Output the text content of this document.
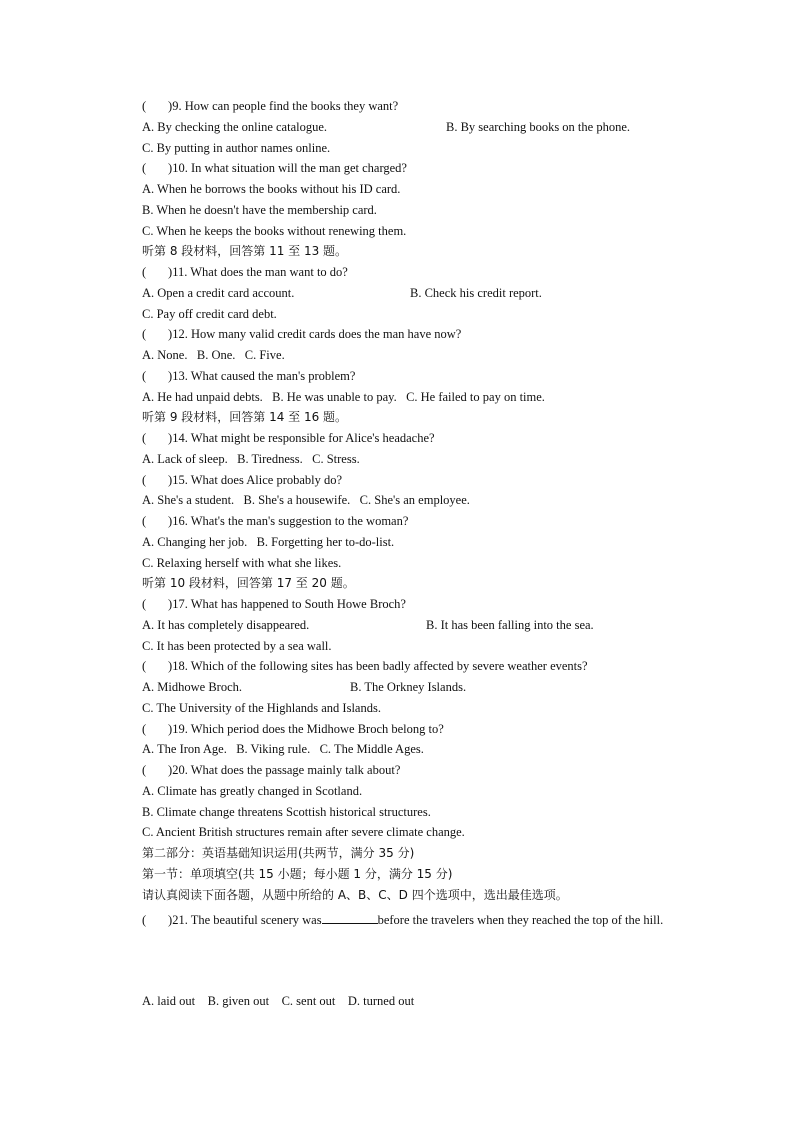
(       )9. How can people find the books they want?
A. By checking the online catalogue.	B. By searching books on the phone.
C. By putting in author names online.
(       )10. In what situation will the man get charged?
A. When he borrows the books without his ID card.
B. When he doesn't have the membership card.
C. When he keeps the books without renewing them.
听第 8 段材料，回答第 11 至 13 题。
(       )11. What does the man want to do?
A. Open a credit card account.	B. Check his credit report.
C. Pay off credit card debt.
(       )12. How many valid credit cards does the man have now?
A. None.   B. One.   C. Five.
(       )13. What caused the man's problem?
A. He had unpaid debts.   B. He was unable to pay.   C. He failed to pay on time.
听第 9 段材料，回答第 14 至 16 题。
(       )14. What might be responsible for Alice's headache?
A. Lack of sleep.   B. Tiredness.   C. Stress.
(       )15. What does Alice probably do?
A. She's a student.   B. She's a housewife.   C. She's an employee.
(       )16. What's the man's suggestion to the woman?
A. Changing her job.   B. Forgetting her to-do-list.
C. Relaxing herself with what she likes.
听第 10 段材料，回答第 17 至 20 题。
(       )17. What has happened to South Howe Broch?
A. It has completely disappeared.	B. It has been falling into the sea.
C. It has been protected by a sea wall.
(       )18. Which of the following sites has been badly affected by severe weather events?
A. Midhowe Broch.	B. The Orkney Islands.
C. The University of the Highlands and Islands.
(       )19. Which period does the Midhowe Broch belong to?
A. The Iron Age.   B. Viking rule.   C. The Middle Ages.
(       )20. What does the passage mainly talk about?
A. Climate has greatly changed in Scotland.
B. Climate change threatens Scottish historical structures.
C. Ancient British structures remain after severe climate change.
第二部分：英语基础知识运用(共两节，满分 35 分)
第一节：单项填空(共 15 小题；每小题 1 分，满分 15 分)
请认真阅读下面各题，从题中所给的 A、B、C、D 四个选项中，选出最佳选项。
(       )21. The beautiful scenery was	before the travelers when they reached the top of the hill.
A. laid out    B. given out    C. sent out    D. turned out
